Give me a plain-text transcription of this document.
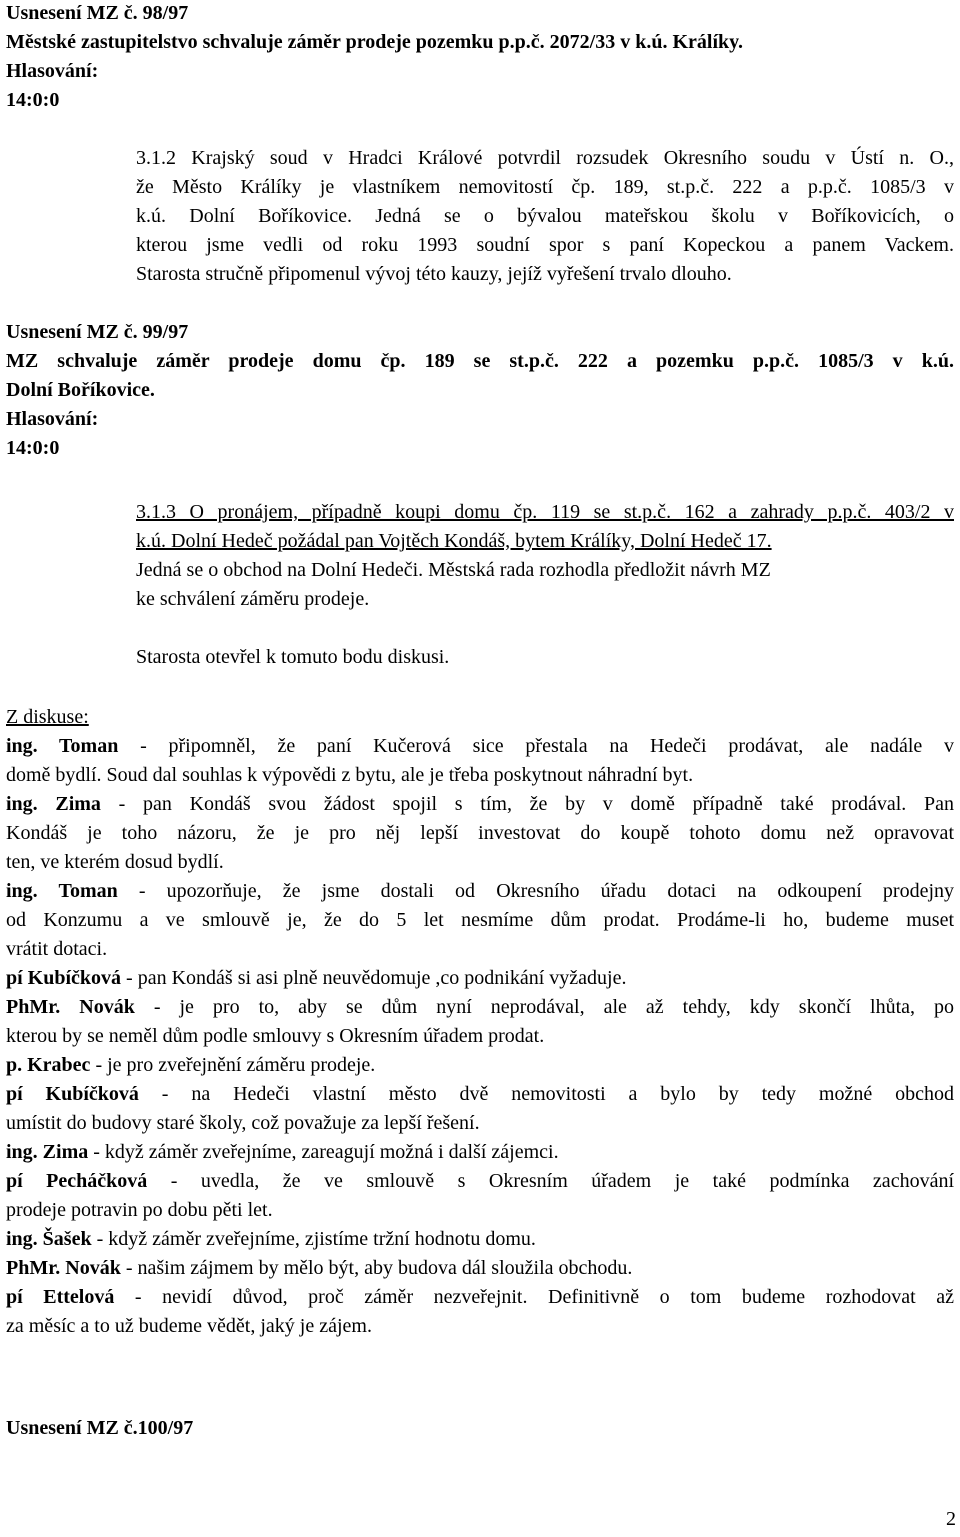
Usnesení MZ č. 98/97
Městské zastupitelstvo schvaluje záměr prodeje pozemku p.p.č. 2072/33 v k.ú. Králíky.
Hlasování:
14:0:0
3.1.2 Krajský soud v Hradci Králové potvrdil rozsudek Okresního soudu v Ústí n. O.,
že Město Králíky je vlastníkem nemovitostí čp. 189, st.p.č. 222 a p.p.č. 1085/3 v
k.ú. Dolní Boříkovice. Jedná se o bývalou mateřskou školu v Boříkovicích, o
kterou jsme vedli od roku 1993 soudní spor s paní Kopeckou a panem Vackem.
Starosta stručně připomenul vývoj této kauzy, jejíž vyřešení trvalo dlouho.
Usnesení MZ č. 99/97
MZ schvaluje záměr prodeje domu čp. 189 se st.p.č. 222 a pozemku p.p.č. 1085/3 v k.ú.
Dolní Boříkovice.
Hlasování:
14:0:0
3.1.3 O pronájem, případně koupi domu čp. 119 se st.p.č. 162 a zahrady p.p.č. 403/2 v
k.ú. Dolní Hedeč požádal pan Vojtěch Kondáš, bytem Králíky, Dolní Hedeč 17.
Jedná se o obchod na Dolní Hedeči. Městská rada rozhodla předložit návrh MZ
ke schválení záměru prodeje.
Starosta otevřel k tomuto bodu diskusi.
Z diskuse:
ing. Toman - připomněl, že paní Kučerová sice přestala na Hedeči prodávat, ale nadále v
domě bydlí. Soud dal souhlas k výpovědi z bytu, ale je třeba poskytnout náhradní byt.
ing. Zima - pan Kondáš svou žádost spojil s tím, že by v domě případně také prodával. Pan
Kondáš je toho názoru, že je pro něj lepší investovat do koupě tohoto domu než opravovat
ten, ve kterém dosud bydlí.
ing. Toman - upozorňuje, že jsme dostali od Okresního úřadu dotaci na odkoupení prodejny
od Konzumu a ve smlouvě je, že do 5 let nesmíme dům prodat. Prodáme-li ho, budeme muset
vrátit dotaci.
pí Kubíčková - pan Kondáš si asi plně neuvědomuje ,co podnikání vyžaduje.
PhMr. Novák - je pro to, aby se dům nyní neprodával, ale až tehdy, kdy skončí lhůta, po
kterou by se neměl dům podle smlouvy s Okresním úřadem prodat.
p. Krabec - je pro zveřejnění záměru prodeje.
pí Kubíčková - na Hedeči vlastní město dvě nemovitosti a bylo by tedy možné obchod
umístit do budovy staré školy, což považuje za lepší řešení.
ing. Zima - když záměr zveřejníme, zareagují možná i další zájemci.
pí Pecháčková - uvedla, že ve smlouvě s Okresním úřadem je také podmínka zachování
prodeje potravin po dobu pěti let.
ing. Šašek - když záměr zveřejníme, zjistíme tržní hodnotu domu.
PhMr. Novák - našim zájmem by mělo být, aby budova dál sloužila obchodu.
pí Ettelová - nevidí důvod, proč záměr nezveřejnit. Definitivně o tom budeme rozhodovat až
za měsíc a to už budeme vědět, jaký je zájem.
Usnesení MZ č.100/97
2
